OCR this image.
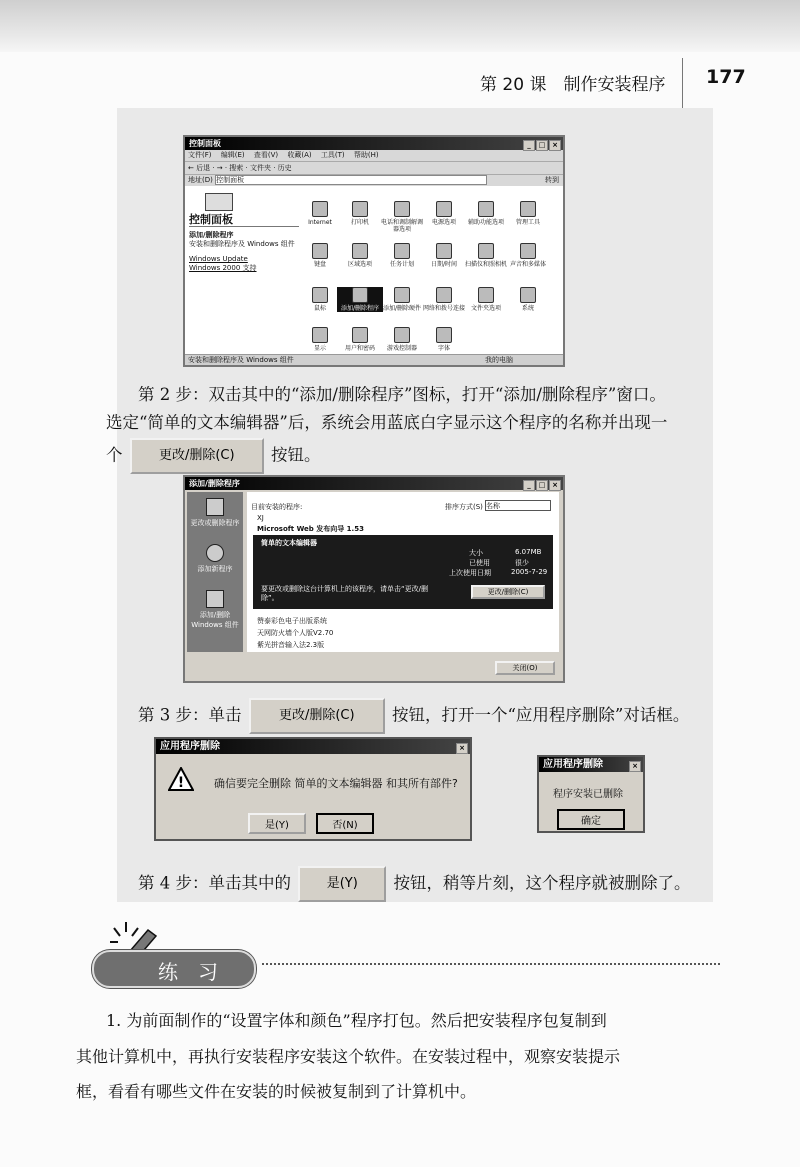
第 20 课　制作安装程序 177
控制面板	_ □ ×
文件(F) 编辑(E) 查看(V) 收藏(A) 工具(T) 帮助(H)
← 后退 · → · 搜索 · 文件夹 · 历史
地址(D) 控制面板	转到
控制面板
添加/删除程序
安装和删除程序及 Windows 组件
Windows Update
Windows 2000 支持
Internet	打印机	电话和调制解调器选项
电源选项	辅助功能选项	管理工具
键盘	区域选项	任务计划	日期/时间	扫描仪和照相机 声音和多媒体
鼠标	添加/删除程序 添加/删除硬件 网络和拨号连接 文件夹选项	系统
显示	用户和密码	游戏控制器	字体
安装和删除程序及 Windows 组件	我的电脑
第 2 步：双击其中的“添加/删除程序”图标，打开“添加/删除程序”窗口。
选定“简单的文本编辑器”后，系统会用蓝底白字显示这个程序的名称并出现一
个	更改/删除(C) 按钮。
添加/删除程序	_ □ ×
更改或删除程序
添加新程序
添加/删除 Windows 组件
目前安装的程序:	排序方式(S) 名称
XJ
Microsoft Web 发布向导 1.53
简单的文本编辑器
大小	6.07MB
已使用	很少
上次使用日期	2005-7-29
要更改或删除这台计算机上的该程序，请单击“更改/删除”。
更改/删除(C)
赞泰彩色电子出版系统
天网防火墙个人版V2.70
紫光拼音输入法2.3版
关闭(O)
第 3 步：单击	更改/删除(C) 按钮，打开一个“应用程序删除”对话框。
应用程序删除	×
!	确信要完全删除 简单的文本编辑器 和其所有部件?
是(Y)	否(N)
应用程序删除	×
程序安装已删除
确定
第 4 步：单击其中的	是(Y) 按钮，稍等片刻，这个程序就被删除了。
练　习
1. 为前面制作的“设置字体和颜色”程序打包。然后把安装程序包复制到
其他计算机中，再执行安装程序安装这个软件。在安装过程中，观察安装提示
框，看看有哪些文件在安装的时候被复制到了计算机中。
